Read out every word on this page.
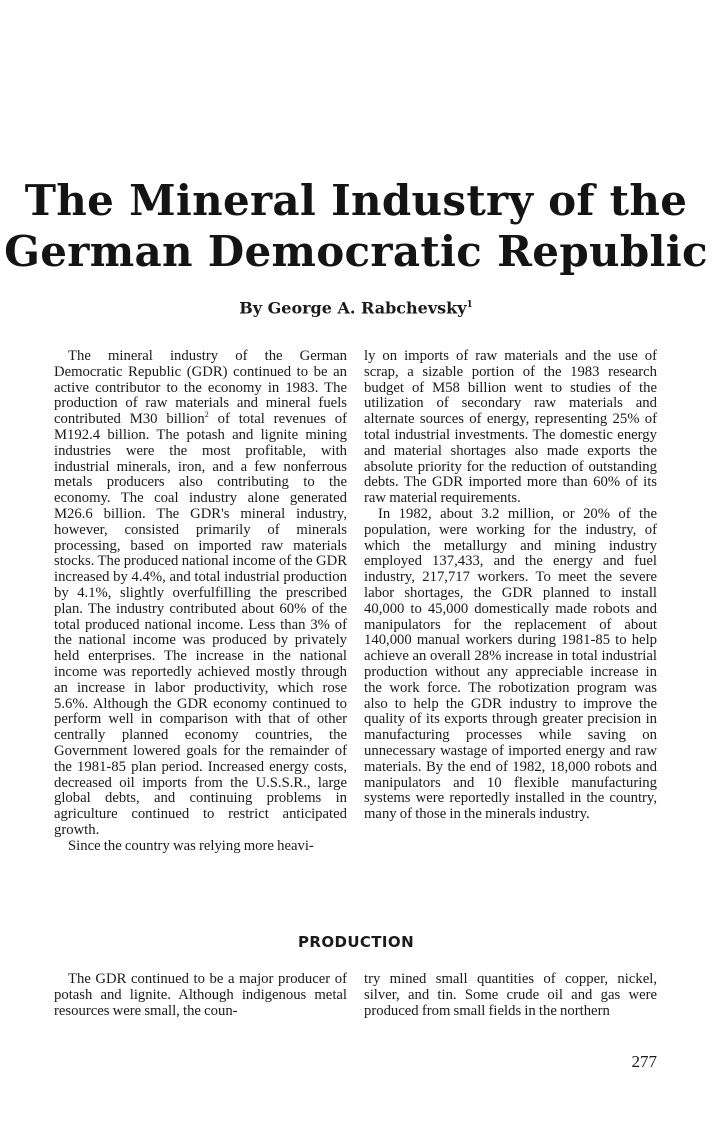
The Mineral Industry of the
German Democratic Republic
By George A. Rabchevsky$^1$

The mineral industry of the German Democratic Republic (GDR) continued to be an active contributor to the economy in 1983. The production of raw materials and mineral fuels contributed M30 billion$^2$ of total revenues of M192.4 billion. The potash and lignite mining industries were the most profitable, with industrial minerals, iron, and a few nonferrous metals producers also contributing to the economy. The coal industry alone generated M26.6 billion. The GDR's mineral industry, however, consisted primarily of minerals processing, based on imported raw materials stocks. The produced national income of the GDR increased by 4.4%, and total industrial production by 4.1%, slightly overfulfilling the prescribed plan. The industry contributed about 60% of the total produced national income. Less than 3% of the national income was produced by privately held enterprises. The increase in the national income was reportedly achieved mostly through an increase in labor productivity, which rose 5.6%. Although the GDR economy continued to perform well in comparison with that of other centrally planned economy countries, the Government lowered goals for the remainder of the 1981-85 plan period. Increased energy costs, decreased oil imports from the U.S.S.R., large global debts, and continuing problems in agriculture continued to restrict anticipated growth.

Since the country was relying more heavi-

ly on imports of raw materials and the use of scrap, a sizable portion of the 1983 research budget of M58 billion went to studies of the utilization of secondary raw materials and alternate sources of energy, representing 25% of total industrial investments. The domestic energy and material shortages also made exports the absolute priority for the reduction of outstanding debts. The GDR imported more than 60% of its raw material requirements.

In 1982, about 3.2 million, or 20% of the population, were working for the industry, of which the metallurgy and mining industry employed 137,433, and the energy and fuel industry, 217,717 workers. To meet the severe labor shortages, the GDR planned to install 40,000 to 45,000 domestically made robots and manipulators for the replacement of about 140,000 manual workers during 1981-85 to help achieve an overall 28% increase in total industrial production without any appreciable increase in the work force. The robotization program was also to help the GDR industry to improve the quality of its exports through greater precision in manufacturing processes while saving on unnecessary wastage of imported energy and raw materials. By the end of 1982, 18,000 robots and manipulators and 10 flexible manufacturing systems were reportedly installed in the country, many of those in the minerals industry.

PRODUCTION

The GDR continued to be a major producer of potash and lignite. Although indigenous metal resources were small, the coun-

try mined small quantities of copper, nickel, silver, and tin. Some crude oil and gas were produced from small fields in the northern

277
